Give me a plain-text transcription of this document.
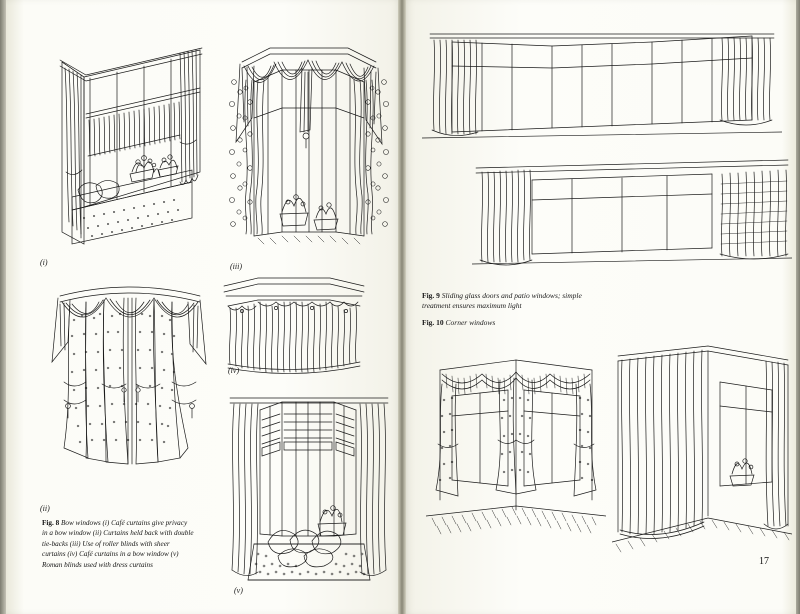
(i)	(iii)
(ii)
(iv)
(v)
Fig. 8 Bow windows (i) Café curtains give privacy in a bow window (ii) Curtains held back with double tie-backs (iii) Use of roller blinds with sheer curtains (iv) Café curtains in a bow window (v) Roman blinds used with dress curtains
Fig. 9 Sliding glass doors and patio windows; simple treatment ensures maximum light
Fig. 10 Corner windows
17
